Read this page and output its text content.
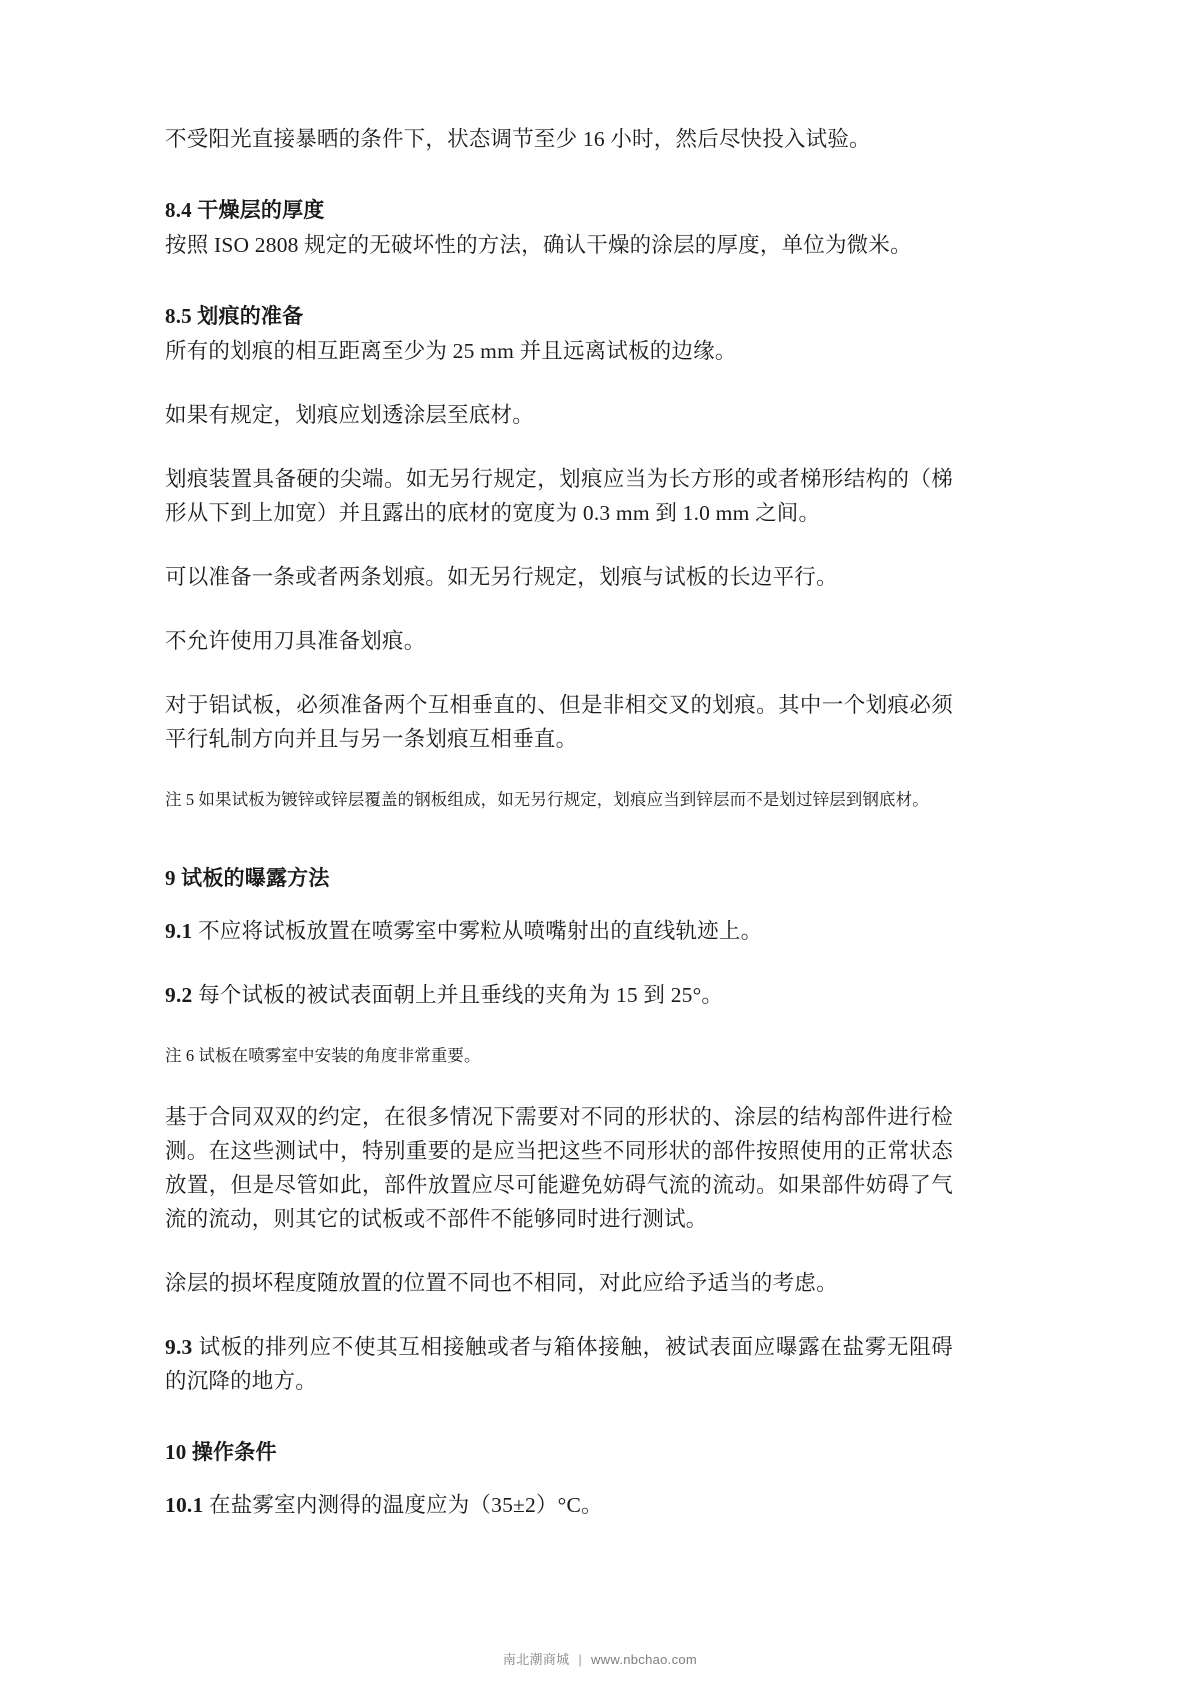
不受阳光直接暴晒的条件下，状态调节至少 16 小时，然后尽快投入试验。

8.4 干燥层的厚度

按照 ISO 2808 规定的无破坏性的方法，确认干燥的涂层的厚度，单位为微米。

8.5 划痕的准备

所有的划痕的相互距离至少为 25 mm 并且远离试板的边缘。

如果有规定，划痕应划透涂层至底材。

划痕装置具备硬的尖端。如无另行规定，划痕应当为长方形的或者梯形结构的（梯形从下到上加宽）并且露出的底材的宽度为 0.3 mm 到 1.0 mm 之间。

可以准备一条或者两条划痕。如无另行规定，划痕与试板的长边平行。

不允许使用刀具准备划痕。

对于铝试板，必须准备两个互相垂直的、但是非相交叉的划痕。其中一个划痕必须平行轧制方向并且与另一条划痕互相垂直。

注 5 如果试板为镀锌或锌层覆盖的钢板组成，如无另行规定，划痕应当到锌层而不是划过锌层到钢底材。

9 试板的曝露方法

9.1 不应将试板放置在喷雾室中雾粒从喷嘴射出的直线轨迹上。

9.2 每个试板的被试表面朝上并且垂线的夹角为 15 到 25°。

注 6 试板在喷雾室中安装的角度非常重要。

基于合同双双的约定，在很多情况下需要对不同的形状的、涂层的结构部件进行检测。在这些测试中，特别重要的是应当把这些不同形状的部件按照使用的正常状态放置，但是尽管如此，部件放置应尽可能避免妨碍气流的流动。如果部件妨碍了气流的流动，则其它的试板或不部件不能够同时进行测试。

涂层的损坏程度随放置的位置不同也不相同，对此应给予适当的考虑。

9.3 试板的排列应不使其互相接触或者与箱体接触，被试表面应曝露在盐雾无阻碍的沉降的地方。

10 操作条件

10.1 在盐雾室内测得的温度应为（35±2）°C。

南北潮商城 | www.nbchao.com
